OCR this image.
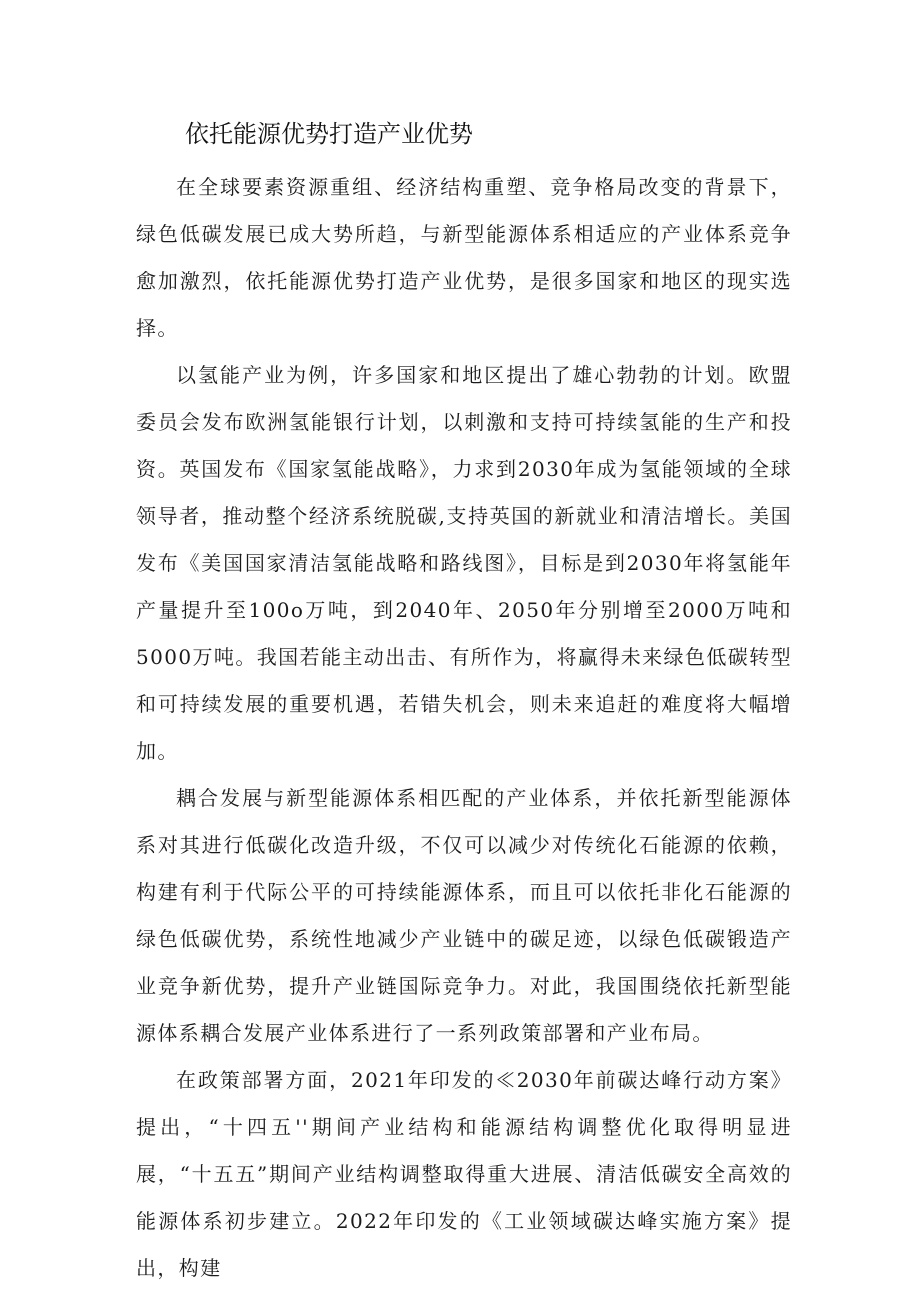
依托能源优势打造产业优势

在全球要素资源重组、经济结构重塑、竞争格局改变的背景下，绿色低碳发展已成大势所趋，与新型能源体系相适应的产业体系竞争愈加激烈，依托能源优势打造产业优势，是很多国家和地区的现实选择。

以氢能产业为例，许多国家和地区提出了雄心勃勃的计划。欧盟委员会发布欧洲氢能银行计划，以刺激和支持可持续氢能的生产和投资。英国发布《国家氢能战略》，力求到2030年成为氢能领域的全球领导者，推动整个经济系统脱碳,支持英国的新就业和清洁增长。美国发布《美国国家清洁氢能战略和路线图》，目标是到2030年将氢能年产量提升至100o万吨，到2040年、2050年分别增至2000万吨和5000万吨。我国若能主动出击、有所作为，将赢得未来绿色低碳转型和可持续发展的重要机遇，若错失机会，则未来追赶的难度将大幅增加。

耦合发展与新型能源体系相匹配的产业体系，并依托新型能源体系对其进行低碳化改造升级，不仅可以减少对传统化石能源的依赖，构建有利于代际公平的可持续能源体系，而且可以依托非化石能源的绿色低碳优势，系统性地减少产业链中的碳足迹，以绿色低碳锻造产业竞争新优势，提升产业链国际竞争力。对此，我国围绕依托新型能源体系耦合发展产业体系进行了一系列政策部署和产业布局。

在政策部署方面，2021年印发的≪2030年前碳达峰行动方案》提出，“十四五''期间产业结构和能源结构调整优化取得明显进展，“十五五”期间产业结构调整取得重大进展、清洁低碳安全高效的能源体系初步建立。2022年印发的《工业领域碳达峰实施方案》提出，构建
